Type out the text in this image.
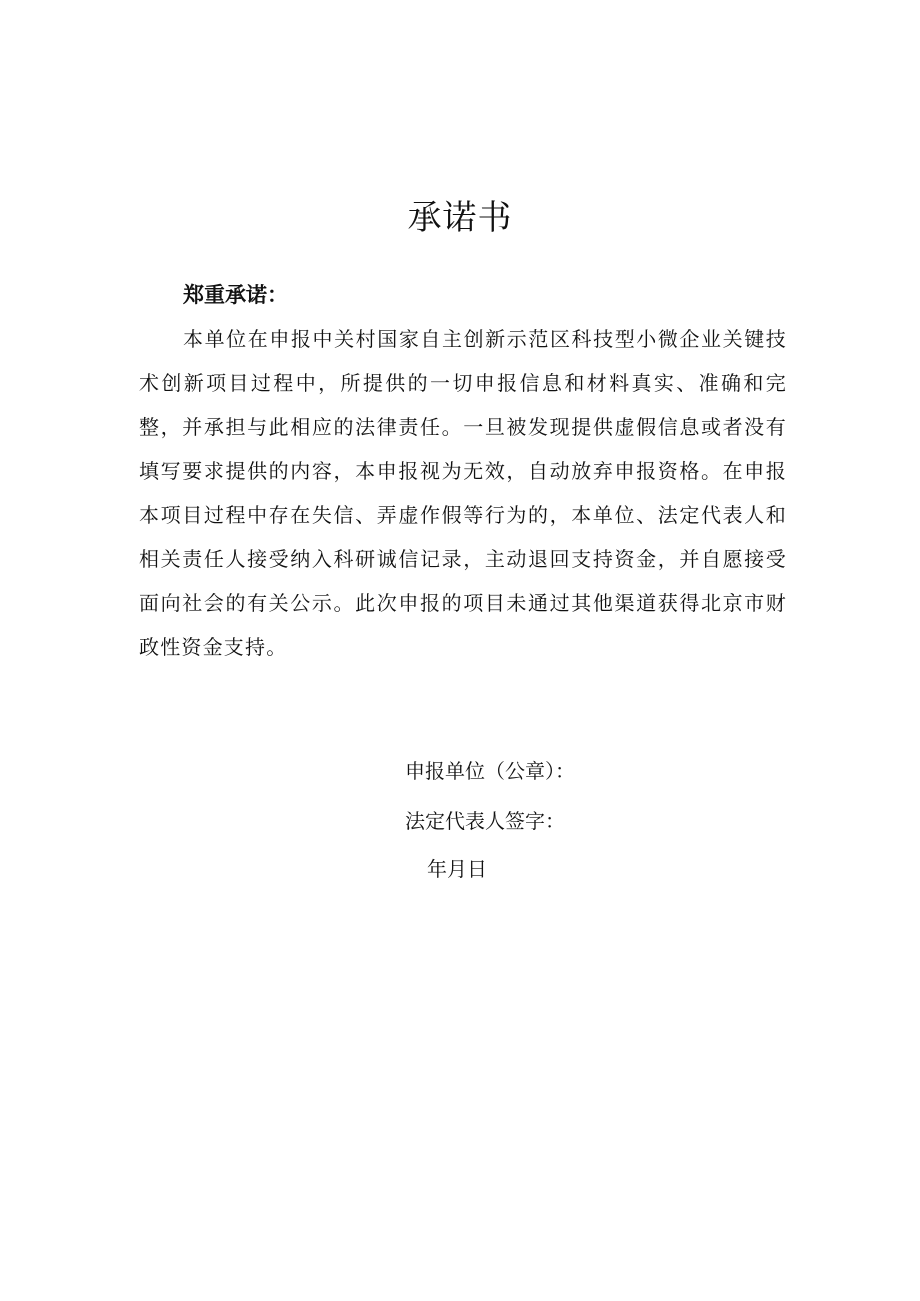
承诺书
郑重承诺：

本单位在申报中关村国家自主创新示范区科技型小微企业关键技术创新项目过程中，所提供的一切申报信息和材料真实、准确和完整，并承担与此相应的法律责任。一旦被发现提供虚假信息或者没有填写要求提供的内容，本申报视为无效，自动放弃申报资格。在申报本项目过程中存在失信、弄虚作假等行为的，本单位、法定代表人和相关责任人接受纳入科研诚信记录，主动退回支持资金，并自愿接受面向社会的有关公示。此次申报的项目未通过其他渠道获得北京市财政性资金支持。

申报单位（公章）：
法定代表人签字：
年月日
